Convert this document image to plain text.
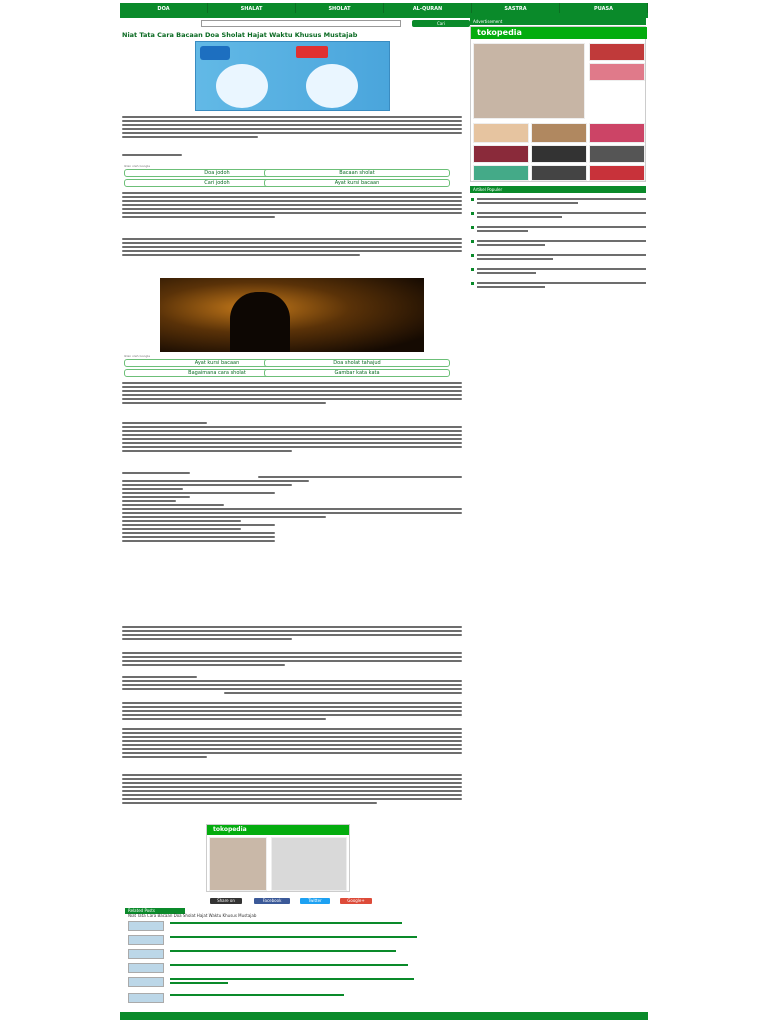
DOA	SHALAT	SHOLAT	AL-QURAN	SASTRA	PUASA
Cari
Niat Tata Cara Bacaan Doa Sholat Hajat Waktu Khusus Mustajab
Iklan oleh Google
Doa jodoh	Bacaan sholat
Cari jodoh	Ayat kursi bacaan
Iklan oleh Google
Ayat kursi bacaan	Doa sholat tahajud
Bagaimana cara sholat	Gambar kata kata
tokopedia
Share on	Facebook	Twitter	Google+
Related Posts
Niat Tata Cara Bacaan Doa Sholat Hajat Waktu Khusus Mustajab
Advertisement
tokopedia
Artikel Populer
